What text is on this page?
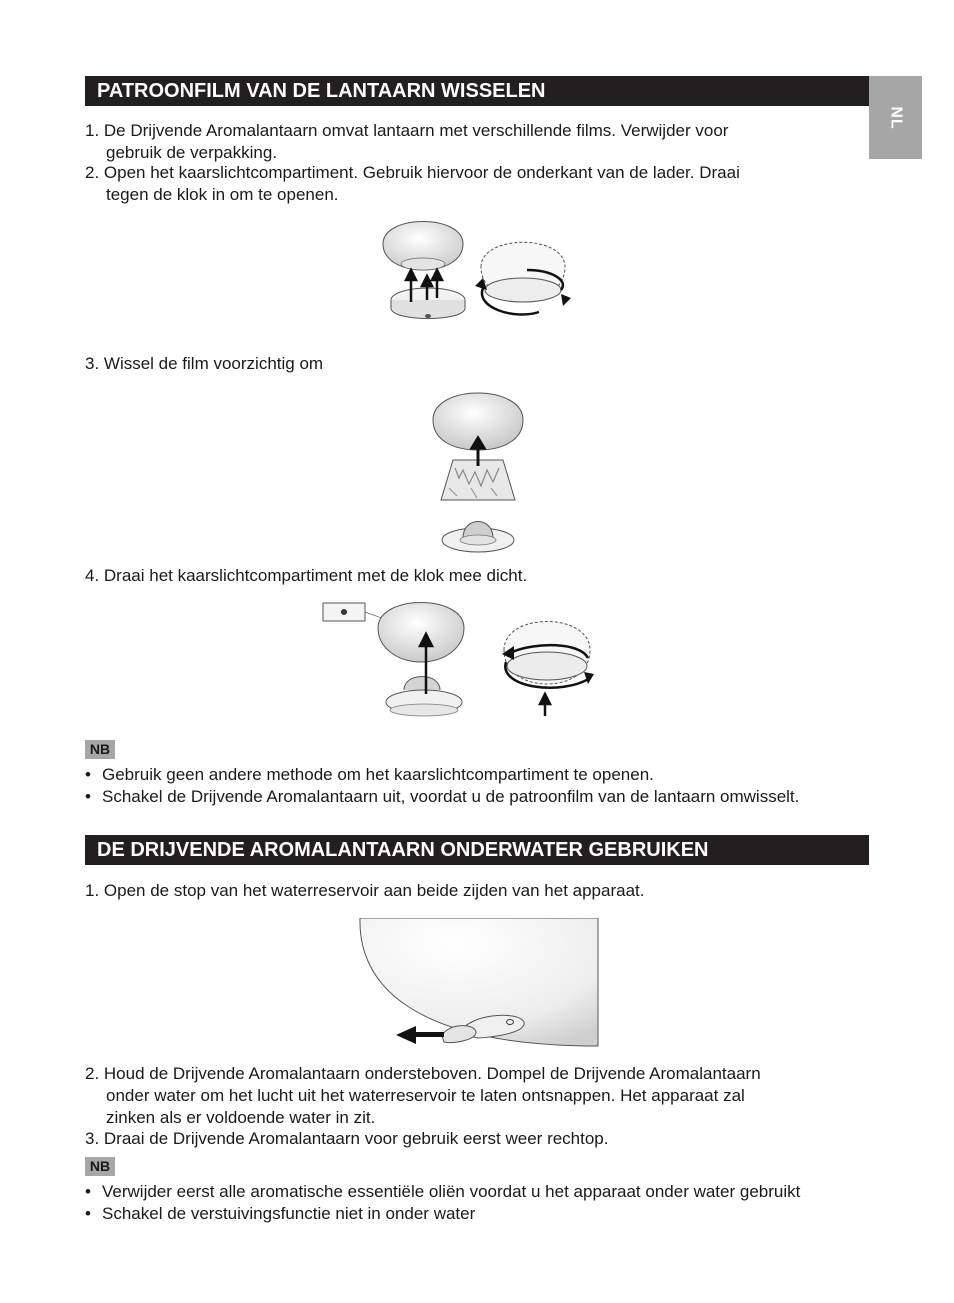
NL
PATROONFILM VAN DE LANTAARN WISSELEN

1. De Drijvende Aromalantaarn omvat lantaarn met verschillende films. Verwijder voor
gebruik de verpakking.

2. Open het kaarslichtcompartiment. Gebruik hiervoor de onderkant van de lader. Draai
tegen de klok in om te openen.

3. Wissel de film voorzichtig om

4. Draai het kaarslichtcompartiment met de klok mee dicht.

NB
• Gebruik geen andere methode om het kaarslichtcompartiment te openen.
• Schakel de Drijvende Aromalantaarn uit, voordat u de patroonfilm van de lantaarn omwisselt.
DE DRIJVENDE AROMALANTAARN ONDERWATER GEBRUIKEN

1. Open de stop van het waterreservoir aan beide zijden van het apparaat.

2. Houd de Drijvende Aromalantaarn ondersteboven. Dompel de Drijvende Aromalantaarn
onder water om het lucht uit het waterreservoir te laten ontsnappen. Het apparaat zal
zinken als er voldoende water in zit.

3. Draai de Drijvende Aromalantaarn voor gebruik eerst weer rechtop.

NB
• Verwijder eerst alle aromatische essentiële oliën voordat u het apparaat onder water gebruikt
• Schakel de verstuivingsfunctie niet in onder water
